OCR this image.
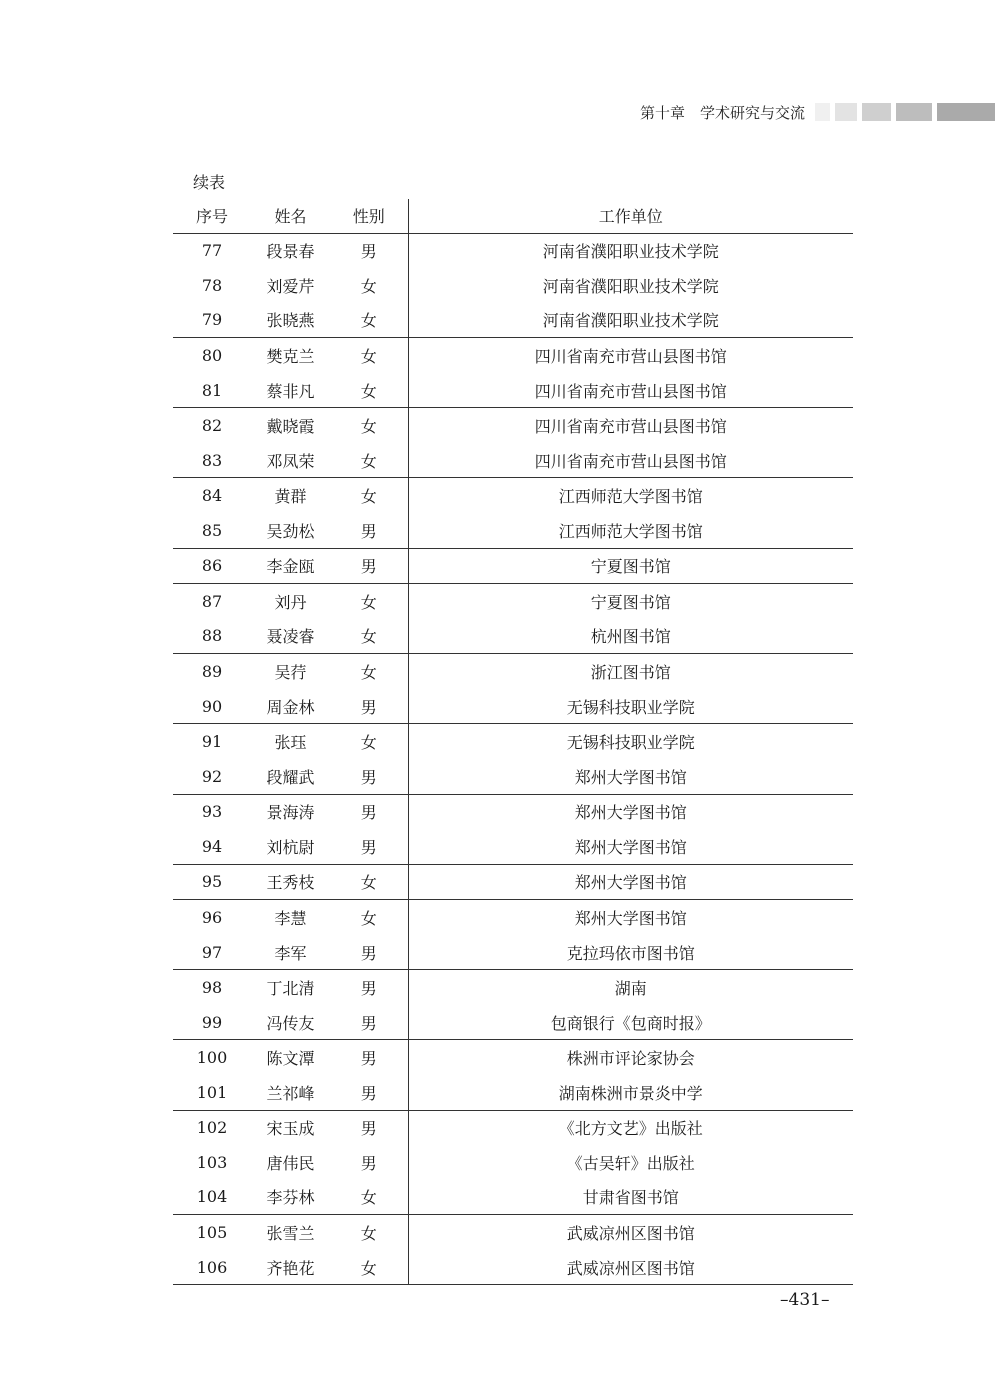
第十章　学术研究与交流
续表
序号	姓名	性别	工作单位
77	段景春	男	河南省濮阳职业技术学院
78	刘爱芹	女	河南省濮阳职业技术学院
79	张晓燕	女	河南省濮阳职业技术学院
80	樊克兰	女	四川省南充市营山县图书馆
81	蔡非凡	女	四川省南充市营山县图书馆
82	戴晓霞	女	四川省南充市营山县图书馆
83	邓凤荣	女	四川省南充市营山县图书馆
84	黄群	女	江西师范大学图书馆
85	吴劲松	男	江西师范大学图书馆
86	李金瓯	男	宁夏图书馆
87	刘丹	女	宁夏图书馆
88	聂凌睿	女	杭州图书馆
89	吴荇	女	浙江图书馆
90	周金林	男	无锡科技职业学院
91	张珏	女	无锡科技职业学院
92	段耀武	男	郑州大学图书馆
93	景海涛	男	郑州大学图书馆
94	刘杭尉	男	郑州大学图书馆
95	王秀枝	女	郑州大学图书馆
96	李慧	女	郑州大学图书馆
97	李军	男	克拉玛依市图书馆
98	丁北清	男	湖南
99	冯传友	男	包商银行《包商时报》
100	陈文潭	男	株洲市评论家协会
101	兰祁峰	男	湖南株洲市景炎中学
102	宋玉成	男	《北方文艺》出版社
103	唐伟民	男	《古吴轩》出版社
104	李芬林	女	甘肃省图书馆
105	张雪兰	女	武威凉州区图书馆
106	齐艳花	女	武威凉州区图书馆
–431–
